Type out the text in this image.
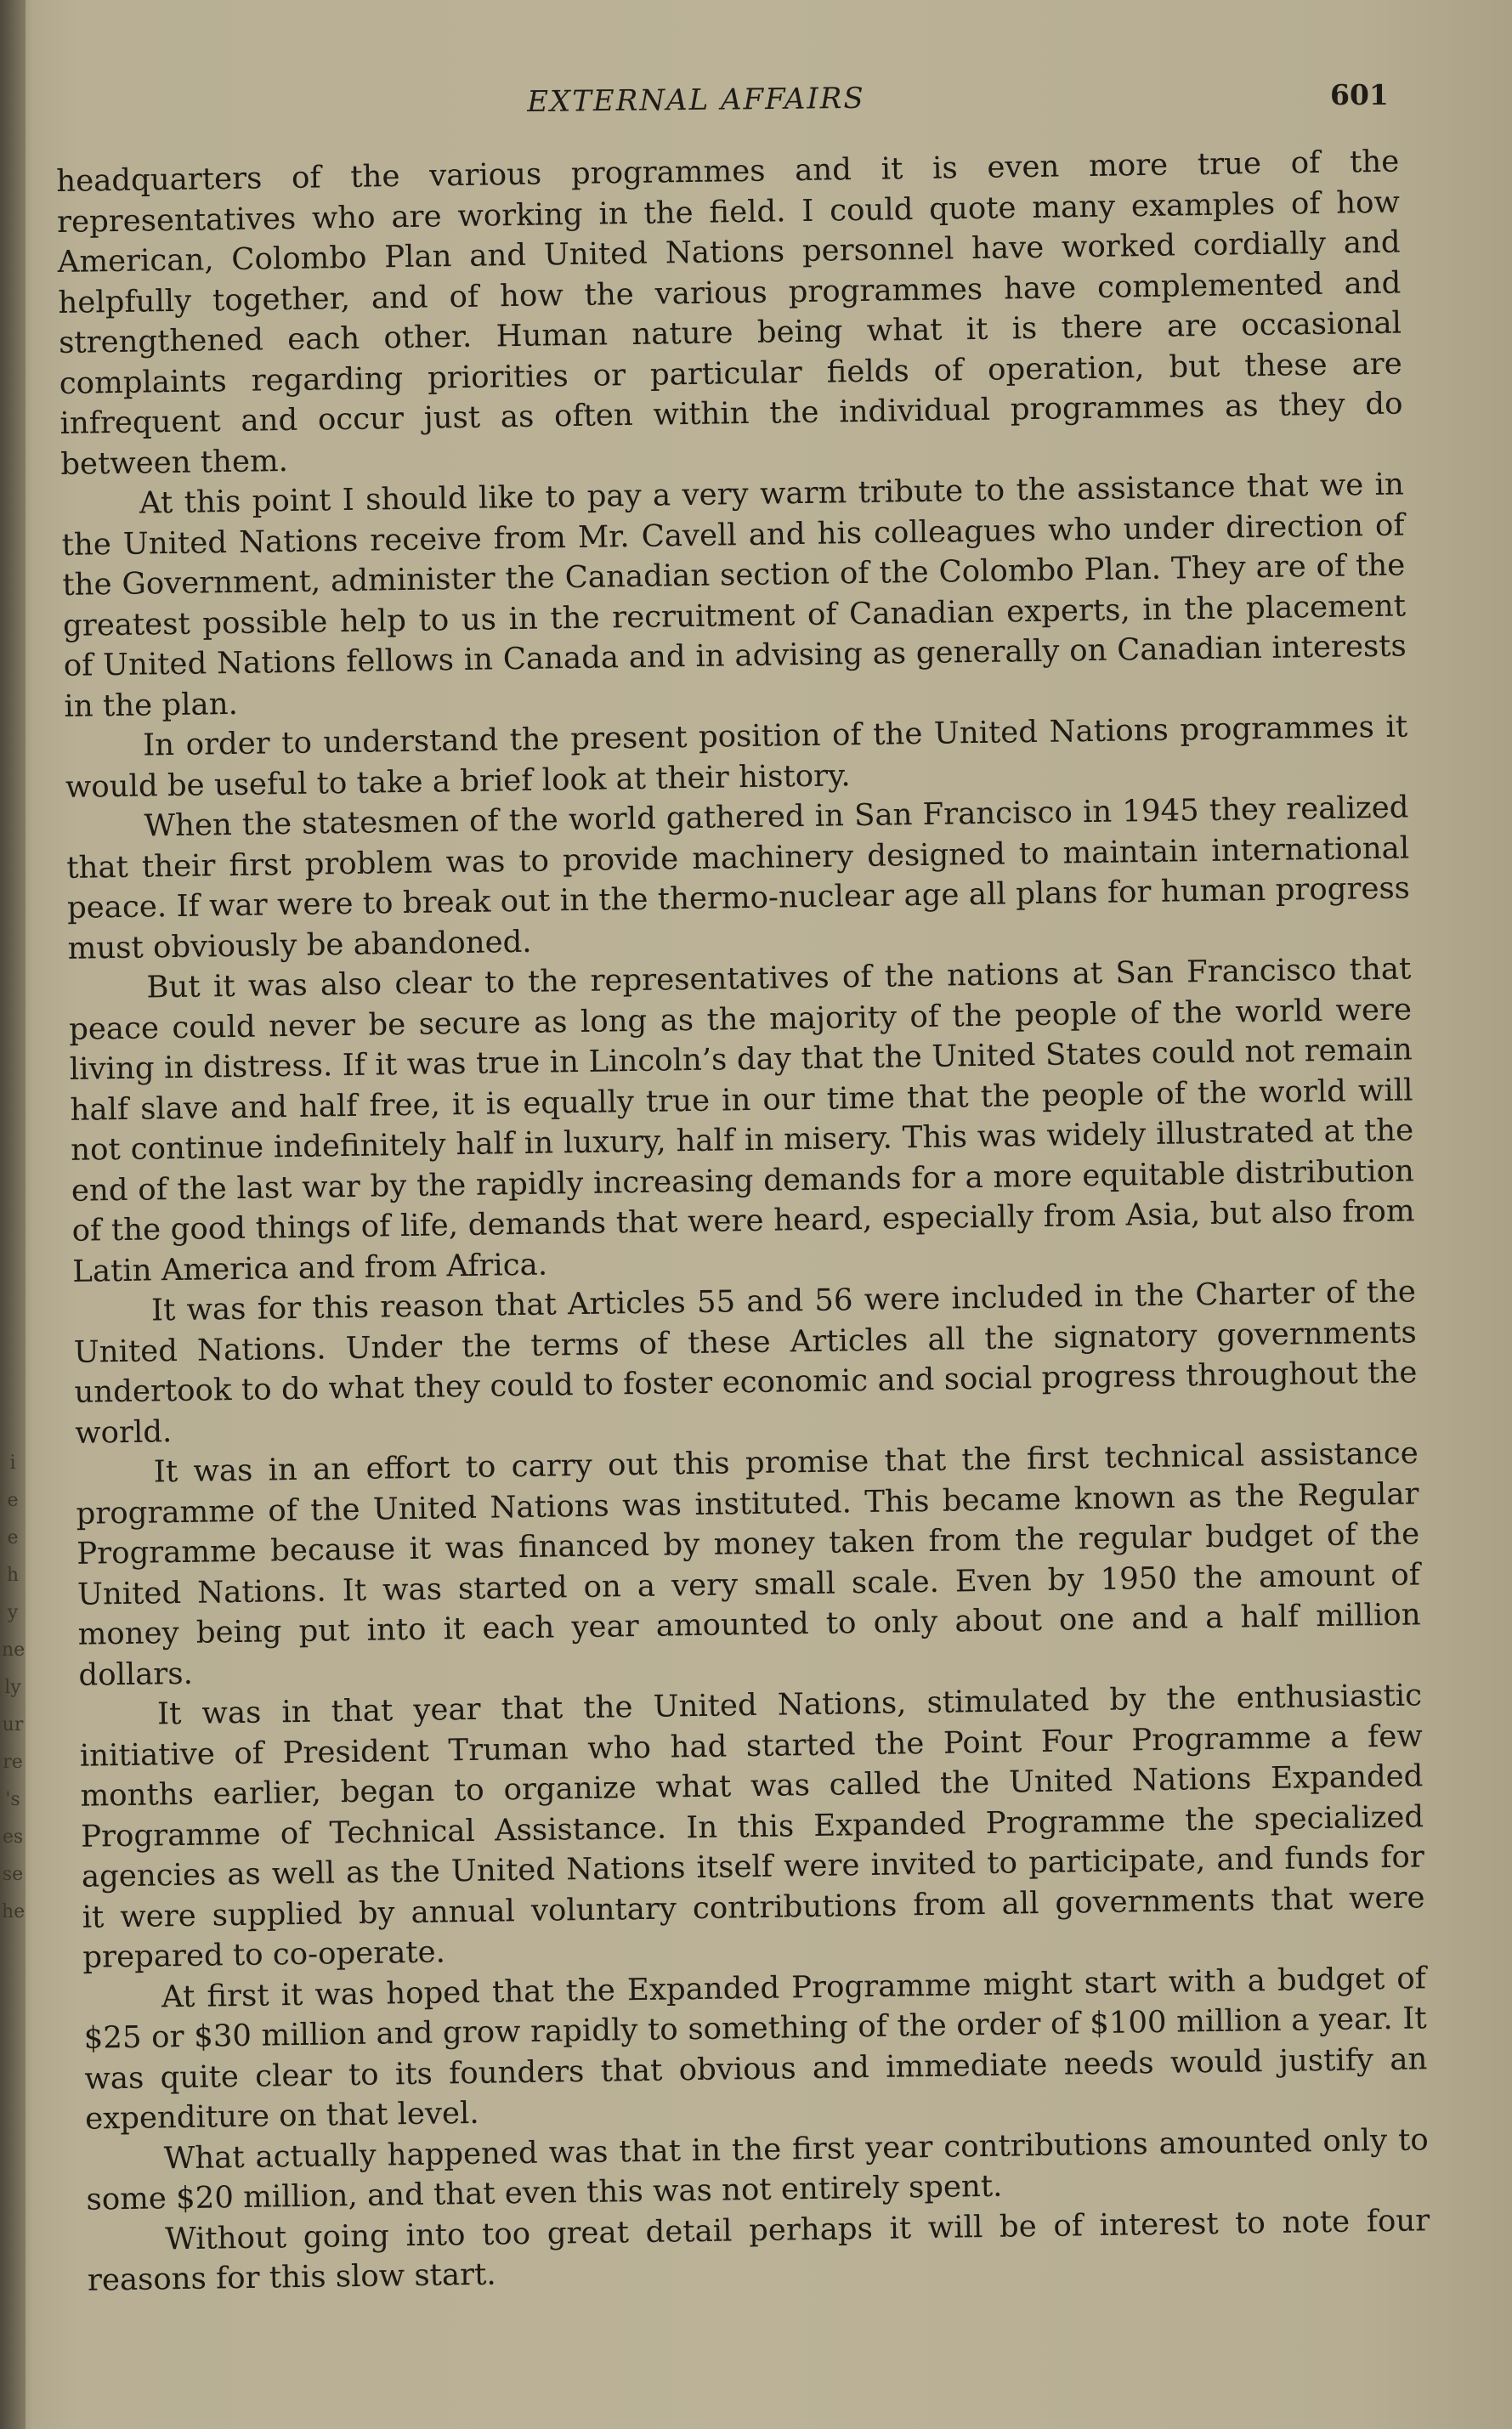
i
e
e
h
y
ne
ly
ur
re
's
es
se
he
EXTERNAL AFFAIRS	601

headquarters of the various programmes and it is even more true of the representatives who are working in the field. I could quote many examples of how American, Colombo Plan and United Nations personnel have worked cordially and helpfully together, and of how the various programmes have complemented and strengthened each other. Human nature being what it is there are occasional complaints regarding priorities or particular fields of operation, but these are infrequent and occur just as often within the individual programmes as they do between them.

At this point I should like to pay a very warm tribute to the assistance that we in the United Nations receive from Mr. Cavell and his colleagues who under direction of the Government, administer the Canadian section of the Colombo Plan. They are of the greatest possible help to us in the recruitment of Canadian experts, in the placement of United Nations fellows in Canada and in advising as generally on Canadian interests in the plan.

In order to understand the present position of the United Nations programmes it would be useful to take a brief look at their history.

When the statesmen of the world gathered in San Francisco in 1945 they realized that their first problem was to provide machinery designed to maintain international peace. If war were to break out in the thermo-nuclear age all plans for human progress must obviously be abandoned.

But it was also clear to the representatives of the nations at San Francisco that peace could never be secure as long as the majority of the people of the world were living in distress. If it was true in Lincoln’s day that the United States could not remain half slave and half free, it is equally true in our time that the people of the world will not continue indefinitely half in luxury, half in misery. This was widely illustrated at the end of the last war by the rapidly increasing demands for a more equitable distribution of the good things of life, demands that were heard, especially from Asia, but also from Latin America and from Africa.

It was for this reason that Articles 55 and 56 were included in the Charter of the United Nations. Under the terms of these Articles all the signatory governments undertook to do what they could to foster economic and social progress throughout the world.

It was in an effort to carry out this promise that the first technical assistance programme of the United Nations was instituted. This became known as the Regular Programme because it was financed by money taken from the regular budget of the United Nations. It was started on a very small scale. Even by 1950 the amount of money being put into it each year amounted to only about one and a half million dollars.

It was in that year that the United Nations, stimulated by the enthusiastic initiative of President Truman who had started the Point Four Programme a few months earlier, began to organize what was called the United Nations Expanded Programme of Technical Assistance. In this Expanded Programme the specialized agencies as well as the United Nations itself were invited to participate, and funds for it were supplied by annual voluntary contributions from all governments that were prepared to co-operate.

At first it was hoped that the Expanded Programme might start with a budget of $25 or $30 million and grow rapidly to something of the order of $100 million a year. It was quite clear to its founders that obvious and immediate needs would justify an expenditure on that level.

What actually happened was that in the first year contributions amounted only to some $20 million, and that even this was not entirely spent.

Without going into too great detail perhaps it will be of interest to note four reasons for this slow start.
